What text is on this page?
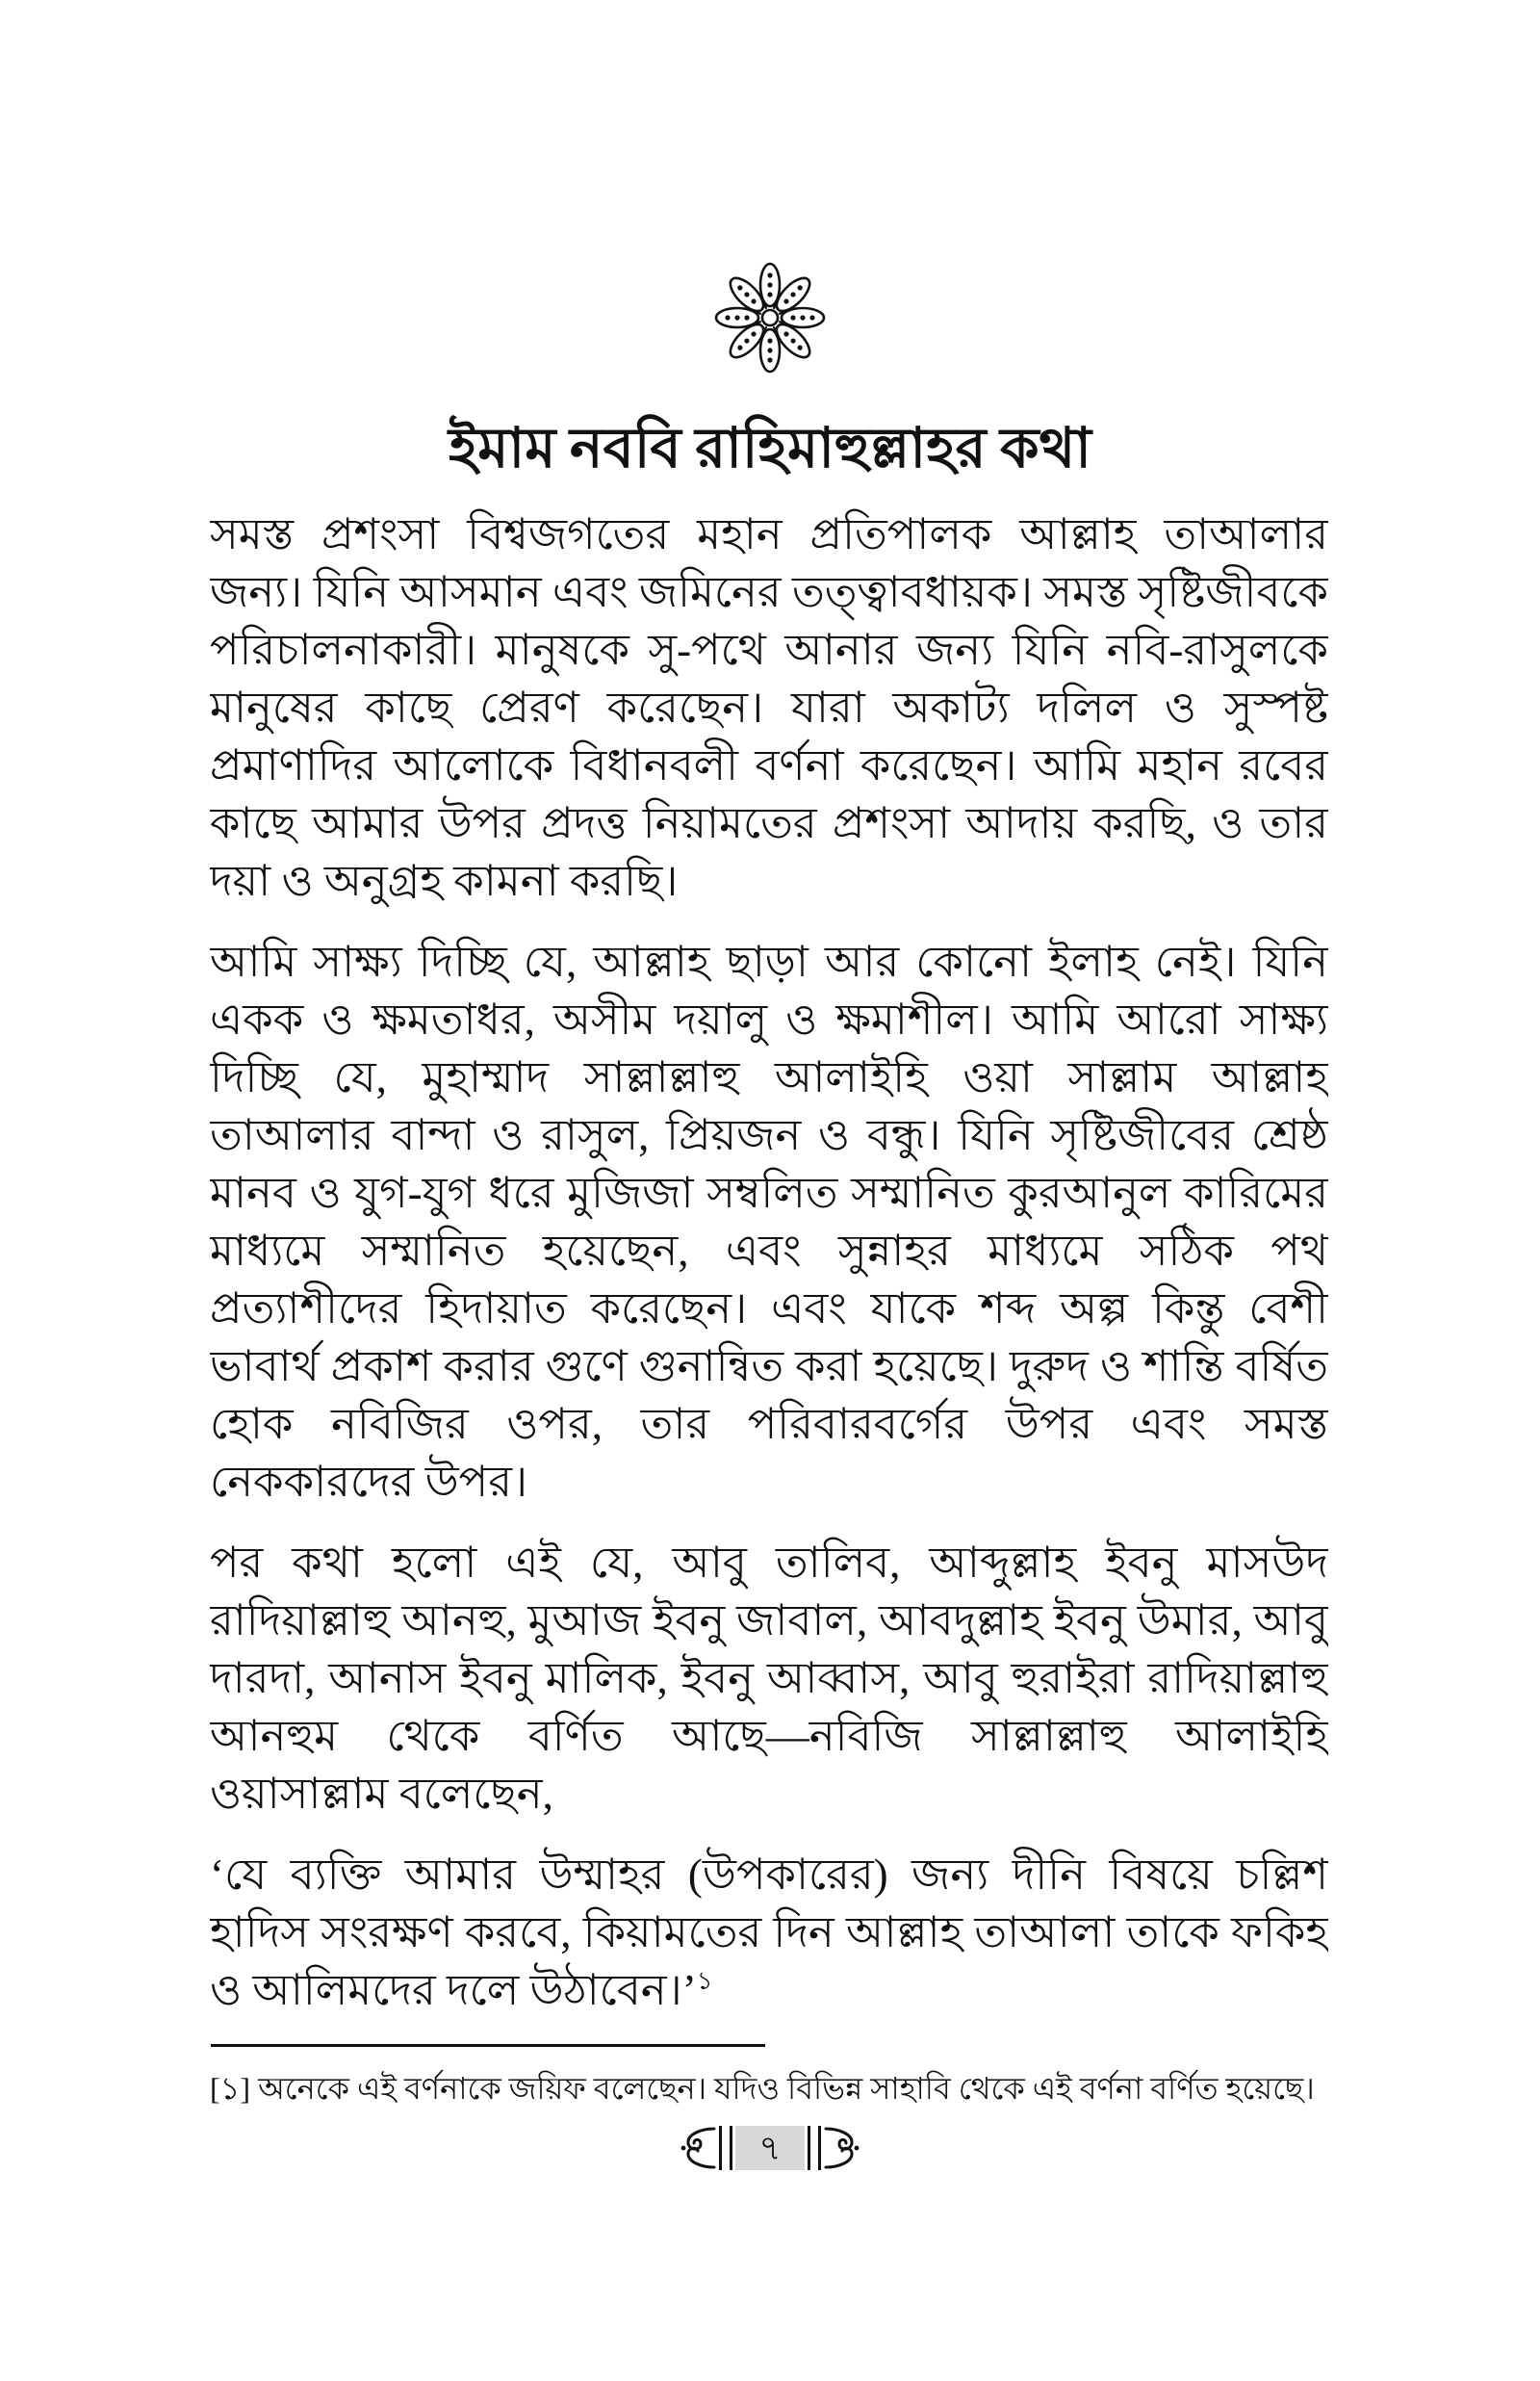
ইমাম নববি রাহিমাহুল্লাহর কথা

সমস্ত প্রশংসা বিশ্বজগতের মহান প্রতিপালক আল্লাহ তাআলার জন্য। যিনি আসমান এবং জমিনের তত্ত্বাবধায়ক। সমস্ত সৃষ্টিজীবকে পরিচালনাকারী। মানুষকে সু-পথে আনার জন্য যিনি নবি-রাসুলকে মানুষের কাছে প্রেরণ করেছেন। যারা অকাট্য দলিল ও সুস্পষ্ট প্রমাণাদির আলোকে বিধানবলী বর্ণনা করেছেন। আমি মহান রবের কাছে আমার উপর প্রদত্ত নিয়ামতের প্রশংসা আদায় করছি, ও তার দয়া ও অনুগ্রহ কামনা করছি।

আমি সাক্ষ্য দিচ্ছি যে, আল্লাহ ছাড়া আর কোনো ইলাহ নেই। যিনি একক ও ক্ষমতাধর, অসীম দয়ালু ও ক্ষমাশীল। আমি আরো সাক্ষ্য দিচ্ছি যে, মুহাম্মাদ সাল্লাল্লাহু আলাইহি ওয়া সাল্লাম আল্লাহ তাআলার বান্দা ও রাসুল, প্রিয়জন ও বন্ধু। যিনি সৃষ্টিজীবের শ্রেষ্ঠ মানব ও যুগ-যুগ ধরে মুজিজা সম্বলিত সম্মানিত কুরআনুল কারিমের মাধ্যমে সম্মানিত হয়েছেন, এবং সুন্নাহর মাধ্যমে সঠিক পথ প্রত্যাশীদের হিদায়াত করেছেন। এবং যাকে শব্দ অল্প কিন্তু বেশী ভাবার্থ প্রকাশ করার গুণে গুনান্বিত করা হয়েছে। দুরুদ ও শান্তি বর্ষিত হোক নবিজির ওপর, তার পরিবারবর্গের উপর এবং সমস্ত নেককারদের উপর।

পর কথা হলো এই যে, আবু তালিব, আব্দুল্লাহ ইবনু মাসউদ রাদিয়াল্লাহু আনহু, মুআজ ইবনু জাবাল, আবদুল্লাহ ইবনু উমার, আবু দারদা, আনাস ইবনু মালিক, ইবনু আব্বাস, আবু হুরাইরা রাদিয়াল্লাহু আনহুম থেকে বর্ণিত আছে—নবিজি সাল্লাল্লাহু আলাইহি ওয়াসাল্লাম বলেছেন,

‘যে ব্যক্তি আমার উম্মাহর (উপকারের) জন্য দীনি বিষয়ে চল্লিশ হাদিস সংরক্ষণ করবে, কিয়ামতের দিন আল্লাহ তাআলা তাকে ফকিহ ও আলিমদের দলে উঠাবেন।’$^১$

[১] অনেকে এই বর্ণনাকে জয়িফ বলেছেন। যদিও বিভিন্ন সাহাবি থেকে এই বর্ণনা বর্ণিত হয়েছে।

৭
